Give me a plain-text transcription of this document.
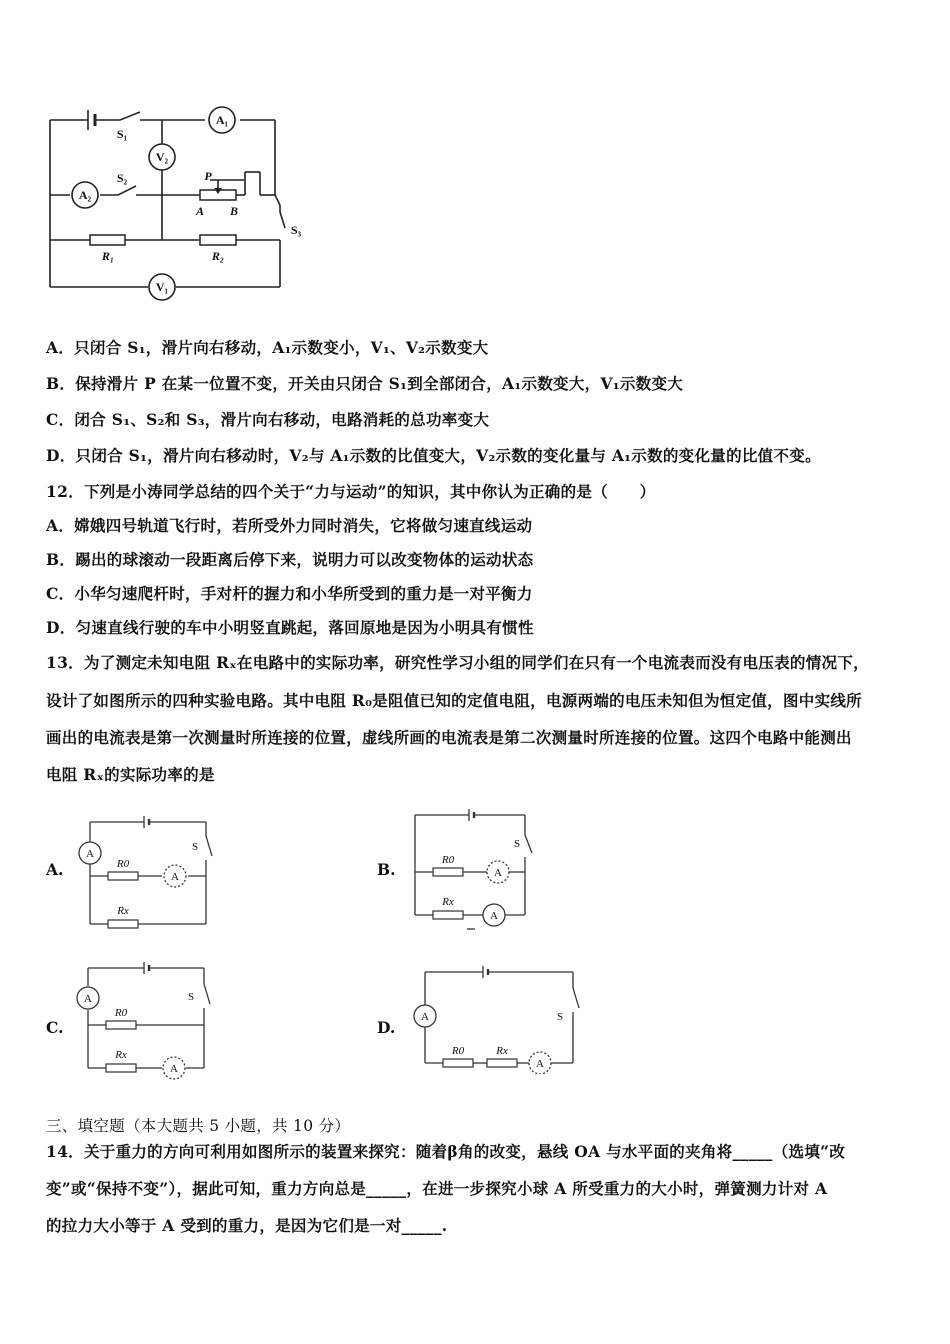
A₁
V₂
A₂
V₁
S₁
S₂
S₃
P
A B
R₁	R₂
A．只闭合 S₁，滑片向右移动，A₁示数变小，V₁、V₂示数变大
B．保持滑片 P 在某一位置不变，开关由只闭合 S₁到全部闭合，A₁示数变大，V₁示数变大
C．闭合 S₁、S₂和 S₃，滑片向右移动，电路消耗的总功率变大
D．只闭合 S₁，滑片向右移动时，V₂与 A₁示数的比值变大，V₂示数的变化量与 A₁示数的变化量的比值不变。
12．下列是小涛同学总结的四个关于“力与运动”的知识，其中你认为正确的是（　　）
A．嫦娥四号轨道飞行时，若所受外力同时消失，它将做匀速直线运动
B．踢出的球滚动一段距离后停下来，说明力可以改变物体的运动状态
C．小华匀速爬杆时，手对杆的握力和小华所受到的重力是一对平衡力
D．匀速直线行驶的车中小明竖直跳起，落回原地是因为小明具有惯性
13．为了测定未知电阻 Rₓ在电路中的实际功率，研究性学习小组的同学们在只有一个电流表而没有电压表的情况下，
设计了如图所示的四种实验电路。其中电阻 R₀是阻值已知的定值电阻，电源两端的电压未知但为恒定值，图中实线所
画出的电流表是第一次测量时所连接的位置，虚线所画的电流表是第二次测量时所连接的位置。这四个电路中能测出
电阻 Rₓ的实际功率的是
A.	B.
C.	D.
A
A
S
R0
Rx
A
A
S
R0
Rx
A
A
S
R0
Rx
A
A
S
R0	Rx
三、填空题（本大题共 5 小题，共 10 分）
14．关于重力的方向可利用如图所示的装置来探究：随着β角的改变，悬线 OA 与水平面的夹角将_____（选填“改
变”或“保持不变”），据此可知，重力方向总是_____，在进一步探究小球 A 所受重力的大小时，弹簧测力计对 A
的拉力大小等于 A 受到的重力，是因为它们是一对_____.
